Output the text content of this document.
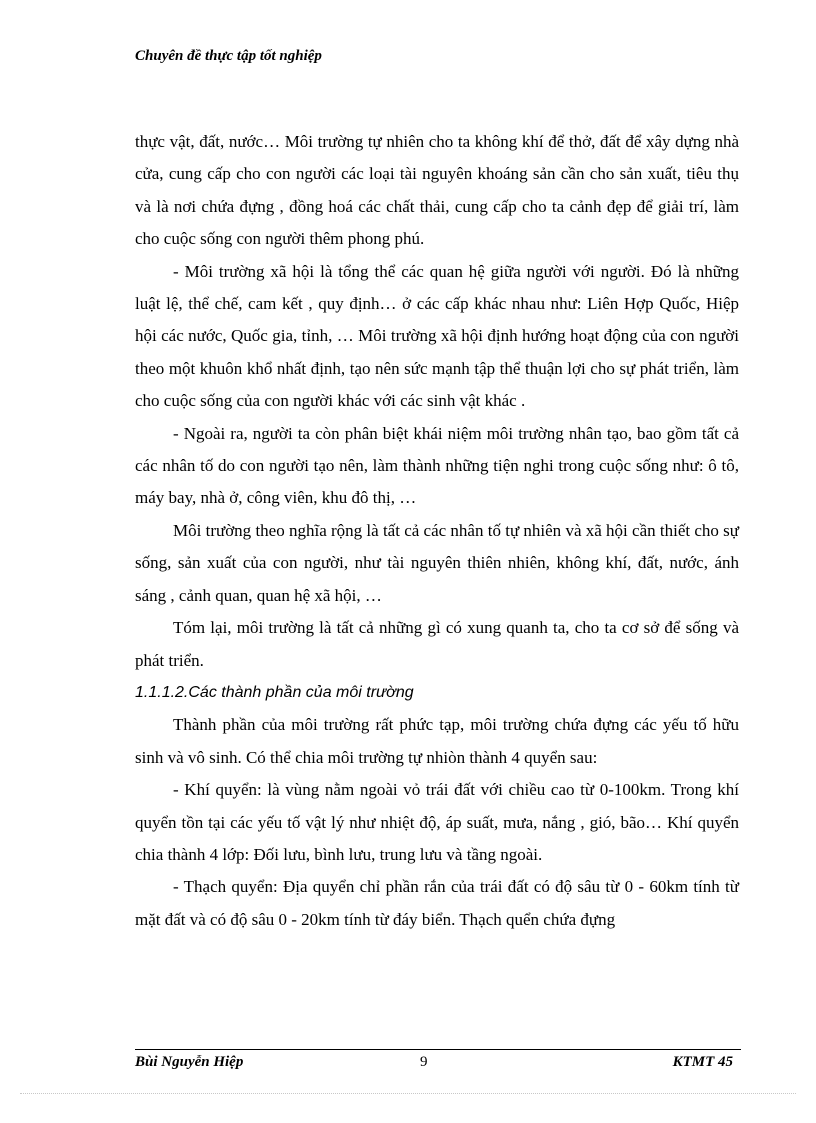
Chuyên đề thực tập tốt nghiệp

thực vật, đất, nước… Môi trường tự nhiên cho ta không khí để thở, đất để xây dựng nhà cửa, cung cấp cho con người các loại tài nguyên khoáng sản cần cho sản xuất, tiêu thụ và là nơi chứa đựng , đồng hoá các chất thải, cung cấp cho ta cảnh đẹp để giải trí, làm cho cuộc sống con người thêm phong phú.

- Môi trường xã hội là tổng thể các quan hệ giữa người với người. Đó là những luật lệ, thể chế, cam kết , quy định… ở các cấp khác nhau như: Liên Hợp Quốc, Hiệp hội các nước, Quốc gia, tỉnh, … Môi trường xã hội định hướng hoạt động của con người theo một khuôn khổ nhất định, tạo nên sức mạnh tập thể thuận lợi cho sự phát triển, làm cho cuộc sống của con người khác với các sinh vật khác .

- Ngoài ra, người ta còn phân biệt khái niệm môi trường nhân tạo, bao gồm tất cả các nhân tố do con người tạo nên, làm thành những tiện nghi trong cuộc sống như: ô tô, máy bay, nhà ở, công viên, khu đô thị, …

Môi trường theo nghĩa rộng là tất cả các nhân tố tự nhiên và xã hội cần thiết cho sự sống, sản xuất của con người, như tài nguyên thiên nhiên, không khí, đất, nước, ánh sáng , cảnh quan, quan hệ xã hội, …

Tóm lại, môi trường là tất cả những gì có xung quanh ta, cho ta cơ sở để sống và phát triển.

1.1.1.2.Các thành phần của môi trường

Thành phần của môi trường rất phức tạp, môi trường chứa đựng các yếu tố hữu sinh và vô sinh. Có thể chia môi trường tự nhiòn thành 4 quyển sau:

- Khí quyển: là vùng nằm ngoài vỏ trái đất với chiều cao từ 0-100km. Trong khí quyển tồn tại các yếu tố vật lý như nhiệt độ, áp suất, mưa, nắng , gió, bão… Khí quyển chia thành 4 lớp: Đối lưu, bình lưu, trung lưu và tầng ngoài.

- Thạch quyển: Địa quyển chỉ phần rắn của trái đất có độ sâu từ 0 - 60km tính từ mặt đất và có độ sâu 0 - 20km tính từ đáy biển. Thạch quển chứa đựng

Bùi Nguyễn Hiệp	9	KTMT 45
